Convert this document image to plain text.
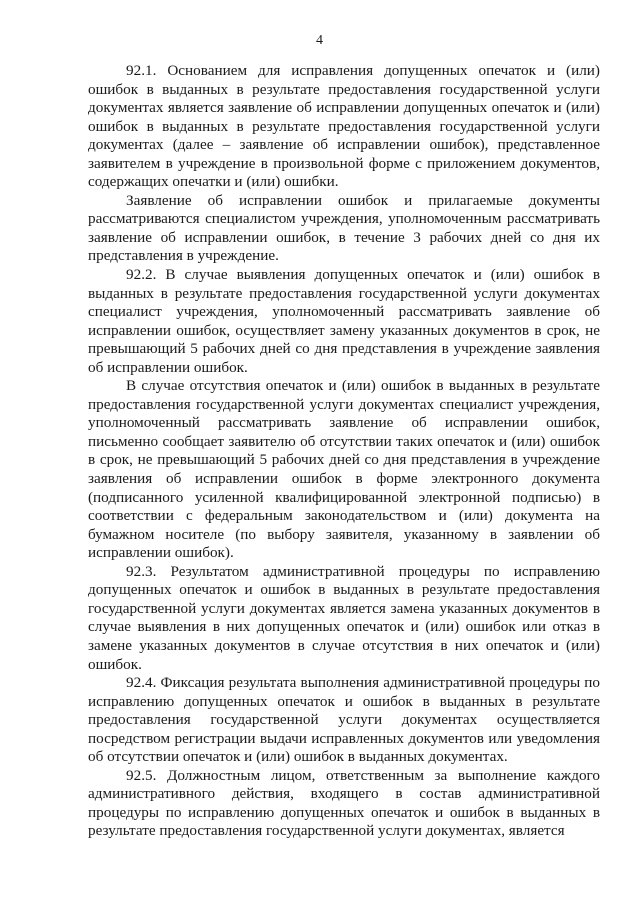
4

92.1. Основанием для исправления допущенных опечаток и (или) ошибок в выданных в результате предоставления государственной услуги документах является заявление об исправлении допущенных опечаток и (или) ошибок в выданных в результате предоставления государственной услуги документах (далее – заявление об исправлении ошибок), представленное заявителем в учреждение в произвольной форме с приложением документов, содержащих опечатки и (или) ошибки.

Заявление об исправлении ошибок и прилагаемые документы рассматриваются специалистом учреждения, уполномоченным рассматривать заявление об исправлении ошибок, в течение 3 рабочих дней со дня их представления в учреждение.

92.2. В случае выявления допущенных опечаток и (или) ошибок в выданных в результате предоставления государственной услуги документах специалист учреждения, уполномоченный рассматривать заявление об исправлении ошибок, осуществляет замену указанных документов в срок, не превышающий 5 рабочих дней со дня представления в учреждение заявления об исправлении ошибок.

В случае отсутствия опечаток и (или) ошибок в выданных в результате предоставления государственной услуги документах специалист учреждения, уполномоченный рассматривать заявление об исправлении ошибок, письменно сообщает заявителю об отсутствии таких опечаток и (или) ошибок в срок, не превышающий 5 рабочих дней со дня представления в учреждение заявления об исправлении ошибок в форме электронного документа (подписанного усиленной квалифицированной электронной подписью) в соответствии с федеральным законодательством и (или) документа на бумажном носителе (по выбору заявителя, указанному в заявлении об исправлении ошибок).

92.3. Результатом административной процедуры по исправлению допущенных опечаток и ошибок в выданных в результате предоставления государственной услуги документах является замена указанных документов в случае выявления в них допущенных опечаток и (или) ошибок или отказ в замене указанных документов в случае отсутствия в них опечаток и (или) ошибок.

92.4. Фиксация результата выполнения административной процедуры по исправлению допущенных опечаток и ошибок в выданных в результате предоставления государственной услуги документах осуществляется посредством регистрации выдачи исправленных документов или уведомления об отсутствии опечаток и (или) ошибок в выданных документах.

92.5. Должностным лицом, ответственным за выполнение каждого административного действия, входящего в состав административной процедуры по исправлению допущенных опечаток и ошибок в выданных в результате предоставления государственной услуги документах, является
